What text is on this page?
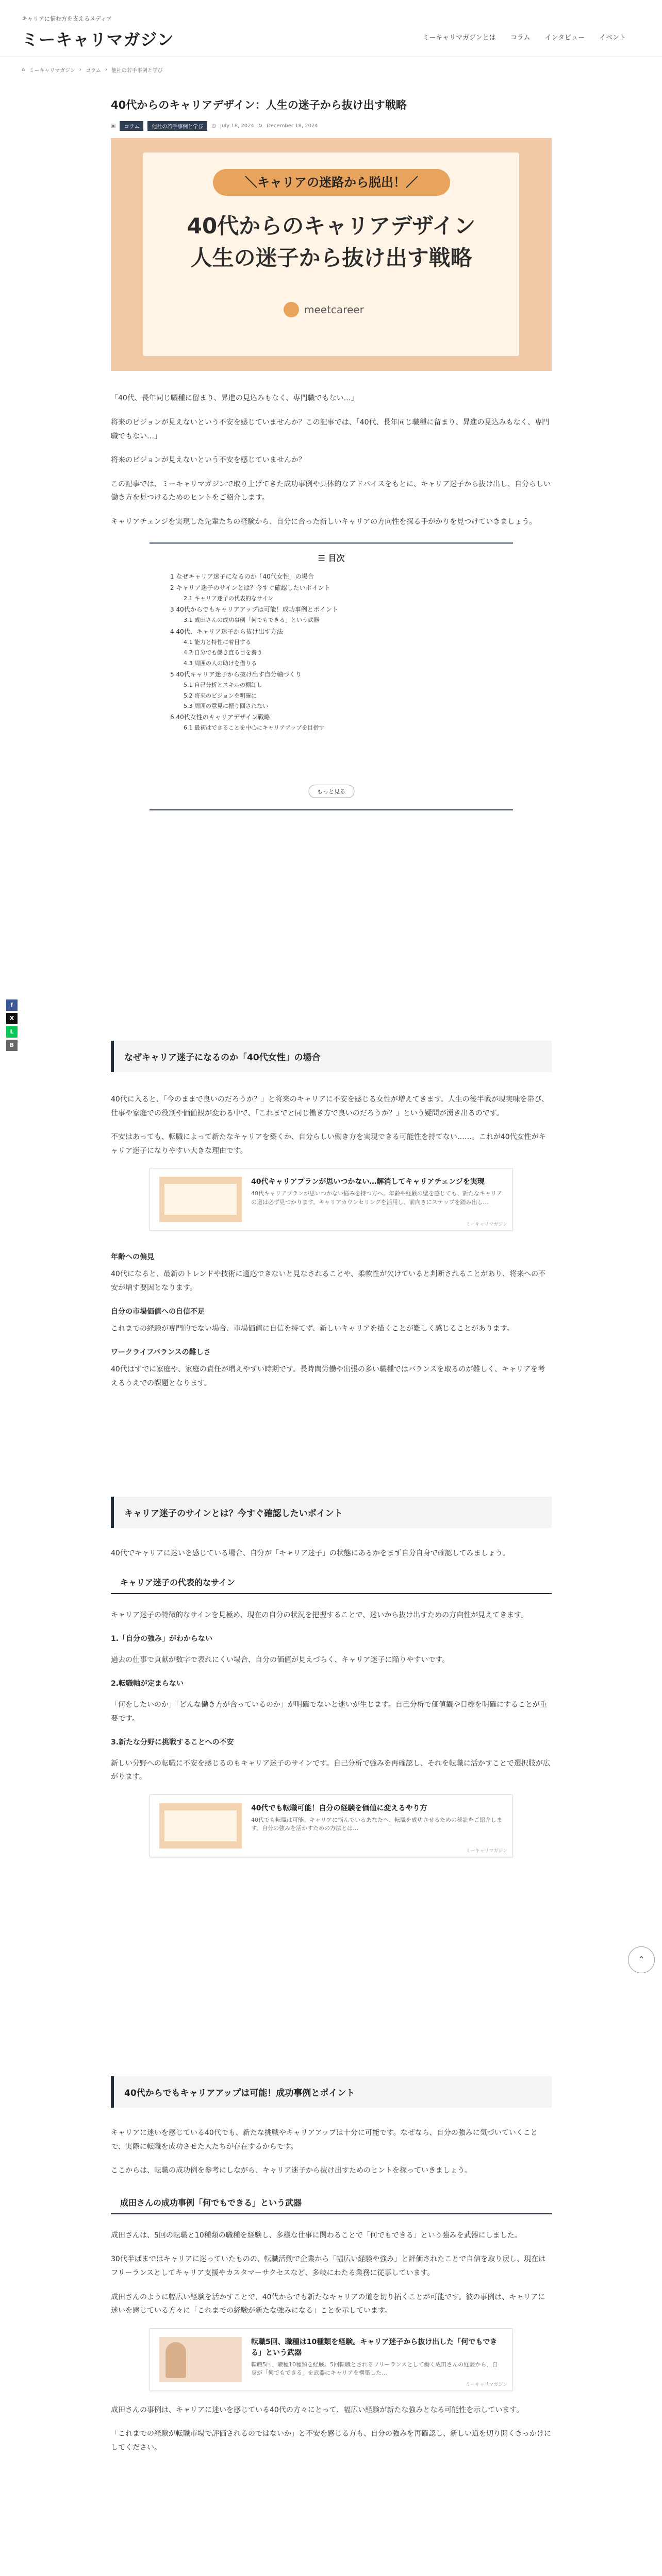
キャリアに悩む方を支えるメディア
ミーキャリマガジン	ミーキャリマガジンとは コラム インタビュー イベント
⌂ ミーキャリマガジン › コラム › 他社の若手事例と学び
f
X
L
B
⌃
40代からのキャリアデザイン：人生の迷子から抜け出す戦略
▣	コラム	他社の若手事例と学び	◷ July 18, 2024 ↻ December 18, 2024
＼キャリアの迷路から脱出！／
40代からのキャリアデザイン
人生の迷子から抜け出す戦略
meetcareer

「40代、長年同じ職種に留まり、昇進の見込みもなく、専門職でもない…」

将来のビジョンが見えないという不安を感じていませんか？この記事では、「40代、長年同じ職種に留まり、昇進の見込みもなく、専門職でもない…」

将来のビジョンが見えないという不安を感じていませんか？

この記事では、ミーキャリマガジンで取り上げてきた成功事例や具体的なアドバイスをもとに、キャリア迷子から抜け出し、自分らしい働き方を見つけるためのヒントをご紹介します。

キャリアチェンジを実現した先輩たちの経験から、自分に合った新しいキャリアの方向性を探る手がかりを見つけていきましょう。

☰ 目次
1 なぜキャリア迷子になるのか「40代女性」の場合
2 キャリア迷子のサインとは？今すぐ確認したいポイント
2.1 キャリア迷子の代表的なサイン
3 40代からでもキャリアアップは可能！成功事例とポイント
3.1 成田さんの成功事例「何でもできる」という武器
4 40代、キャリア迷子から抜け出す方法
4.1 能力と特性に着目する
4.2 自分でも働き直る目を養う
4.3 周囲の人の助けを借りる
5 40代キャリア迷子から抜け出す自分軸づくり
5.1 自己分析とスキルの棚卸し
5.2 将来のビジョンを明確に
5.3 周囲の意見に振り回されない
6 40代女性のキャリアデザイン戦略
6.1 最初はできることを中心にキャリアアップを目指す
もっと見る
なぜキャリア迷子になるのか「40代女性」の場合

40代に入ると、「今のままで良いのだろうか？」と将来のキャリアに不安を感じる女性が増えてきます。人生の後半戦が現実味を帯び、仕事や家庭での役割や価値観が変わる中で、「これまでと同じ働き方で良いのだろうか？」という疑問が湧き出るのです。

不安はあっても、転職によって新たなキャリアを築くか、自分らしい働き方を実現できる可能性を持てない……。これが40代女性がキャリア迷子になりやすい大きな理由です。

40代キャリアプランが思いつかない…解消してキャリアチェンジを実現
40代キャリアプランが思いつかない悩みを持つ方へ。年齢や経験の壁を感じても、新たなキャリアの道は必ず見つかります。キャリアカウンセリングを活用し、前向きにステップを踏み出し…
ミーキャリマガジン
年齢への偏見

40代になると、最新のトレンドや技術に適応できないと見なされることや、柔軟性が欠けていると判断されることがあり、将来への不安が増す要因となります。

自分の市場価値への自信不足

これまでの経験が専門的でない場合、市場価値に自信を持てず、新しいキャリアを描くことが難しく感じることがあります。

ワークライフバランスの難しさ

40代はすでに家庭や、家庭の責任が増えやすい時期です。長時間労働や出張の多い職種ではバランスを取るのが難しく、キャリアを考えるうえでの課題となります。

キャリア迷子のサインとは？今すぐ確認したいポイント

40代でキャリアに迷いを感じている場合、自分が「キャリア迷子」の状態にあるかをまず自分自身で確認してみましょう。

キャリア迷子の代表的なサイン

キャリア迷子の特徴的なサインを見極め、現在の自分の状況を把握することで、迷いから抜け出すための方向性が見えてきます。

1.「自分の強み」がわからない

過去の仕事で貢献が数字で表れにくい場合、自分の価値が見えづらく、キャリア迷子に陥りやすいです。

2.転職軸が定まらない

「何をしたいのか」「どんな働き方が合っているのか」が明確でないと迷いが生じます。自己分析で価値観や目標を明確にすることが重要です。

3.新たな分野に挑戦することへの不安

新しい分野への転職に不安を感じるのもキャリア迷子のサインです。自己分析で強みを再確認し、それを転職に活かすことで選択肢が広がります。

40代でも転職可能！自分の経験を価値に変えるやり方
40代でも転職は可能。キャリアに悩んでいるあなたへ、転職を成功させるための秘訣をご紹介します。自分の強みを活かすための方法とは…
ミーキャリマガジン
40代からでもキャリアアップは可能！成功事例とポイント

キャリアに迷いを感じている40代でも、新たな挑戦やキャリアアップは十分に可能です。なぜなら、自分の強みに気づいていくことで、実際に転職を成功させた人たちが存在するからです。

ここからは、転職の成功例を参考にしながら、キャリア迷子から抜け出すためのヒントを探っていきましょう。

成田さんの成功事例「何でもできる」という武器

成田さんは、5回の転職と10種類の職種を経験し、多様な仕事に関わることで「何でもできる」という強みを武器にしました。

30代半ばまではキャリアに迷っていたものの、転職活動で企業から「幅広い経験や強み」と評価されたことで自信を取り戻し、現在はフリーランスとしてキャリア支援やカスタマーサクセスなど、多岐にわたる業務に従事しています。

成田さんのように幅広い経験を活かすことで、40代からでも新たなキャリアの道を切り拓くことが可能です。彼の事例は、キャリアに迷いを感じている方々に「これまでの経験が新たな強みになる」ことを示しています。

転職5回、職種は10種類を経験。キャリア迷子から抜け出した「何でもできる」という武器
転職5回、職種10種類を経験。5回転職とされるフリーランスとして働く成田さんの経験から、自身が「何でもできる」を武器にキャリアを構築した…
ミーキャリマガジン

成田さんの事例は、キャリアに迷いを感じている40代の方々にとって、幅広い経験が新たな強みとなる可能性を示しています。

「これまでの経験が転職市場で評価されるのではないか」と不安を感じる方も、自分の強みを再確認し、新しい道を切り開くきっかけにしてください。
